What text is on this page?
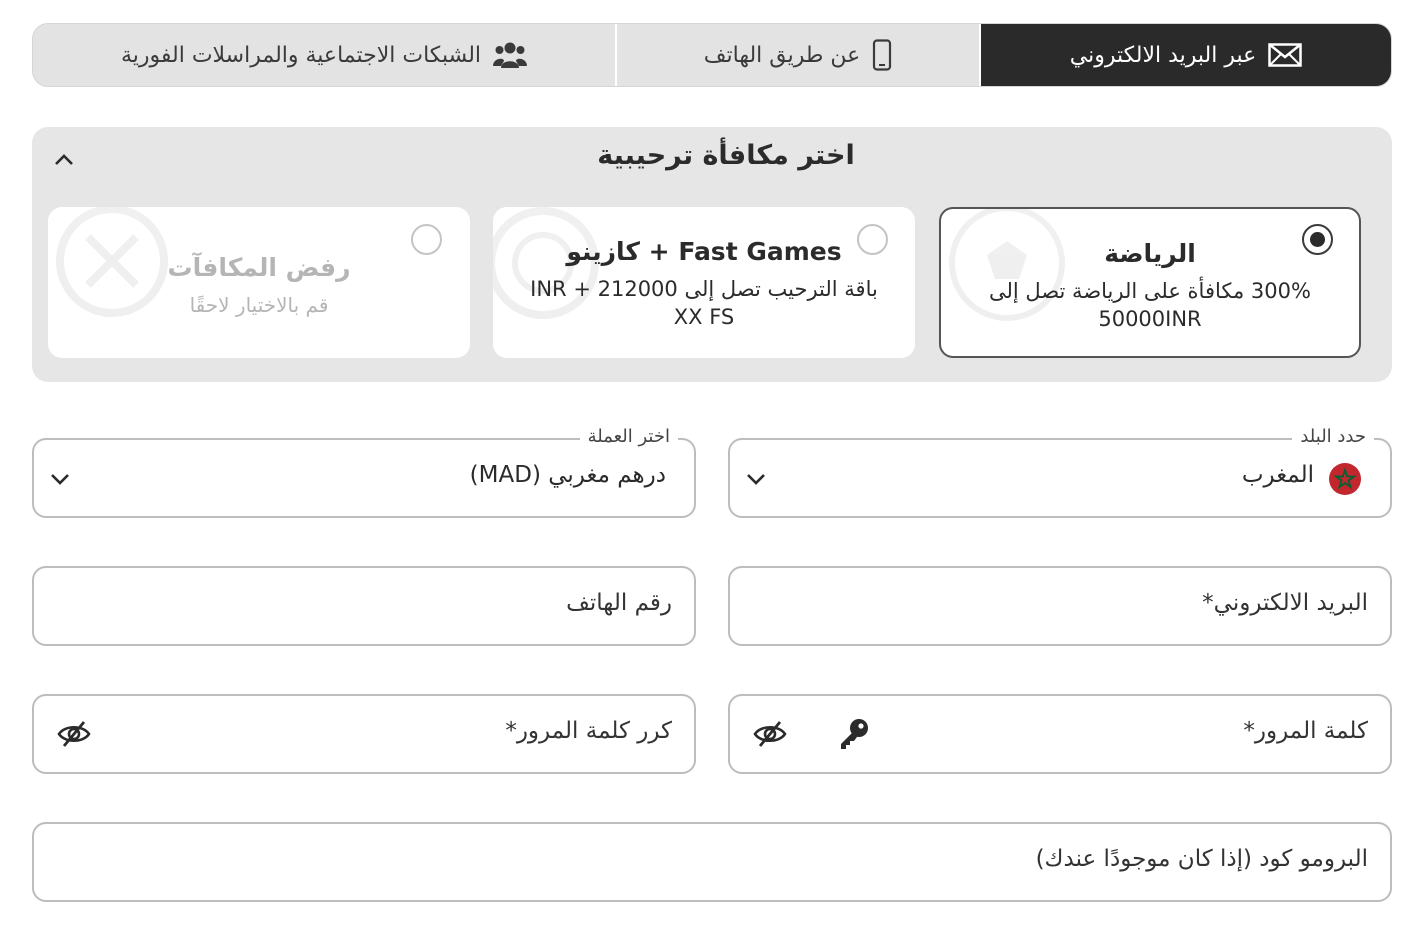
عبر البريد الالكتروني
عن طريق الهاتف
الشبكات الاجتماعية والمراسلات الفورية
اختر مكافأة ترحيبية
الرياضة
300% مكافأة على الرياضة تصل إلى
50000INR
Fast Games + كازينو
باقة الترحيب تصل إلى 212000 + INR
XX FS
رفض المكافآت
قم بالاختيار لاحقًا
حدد البلد
المغرب
اختر العملة
درهم مغربي (MAD)
البريد الالكتروني*
رقم الهاتف
كلمة المرور*
كرر كلمة المرور*
البرومو كود (إذا كان موجودًا عندك)
